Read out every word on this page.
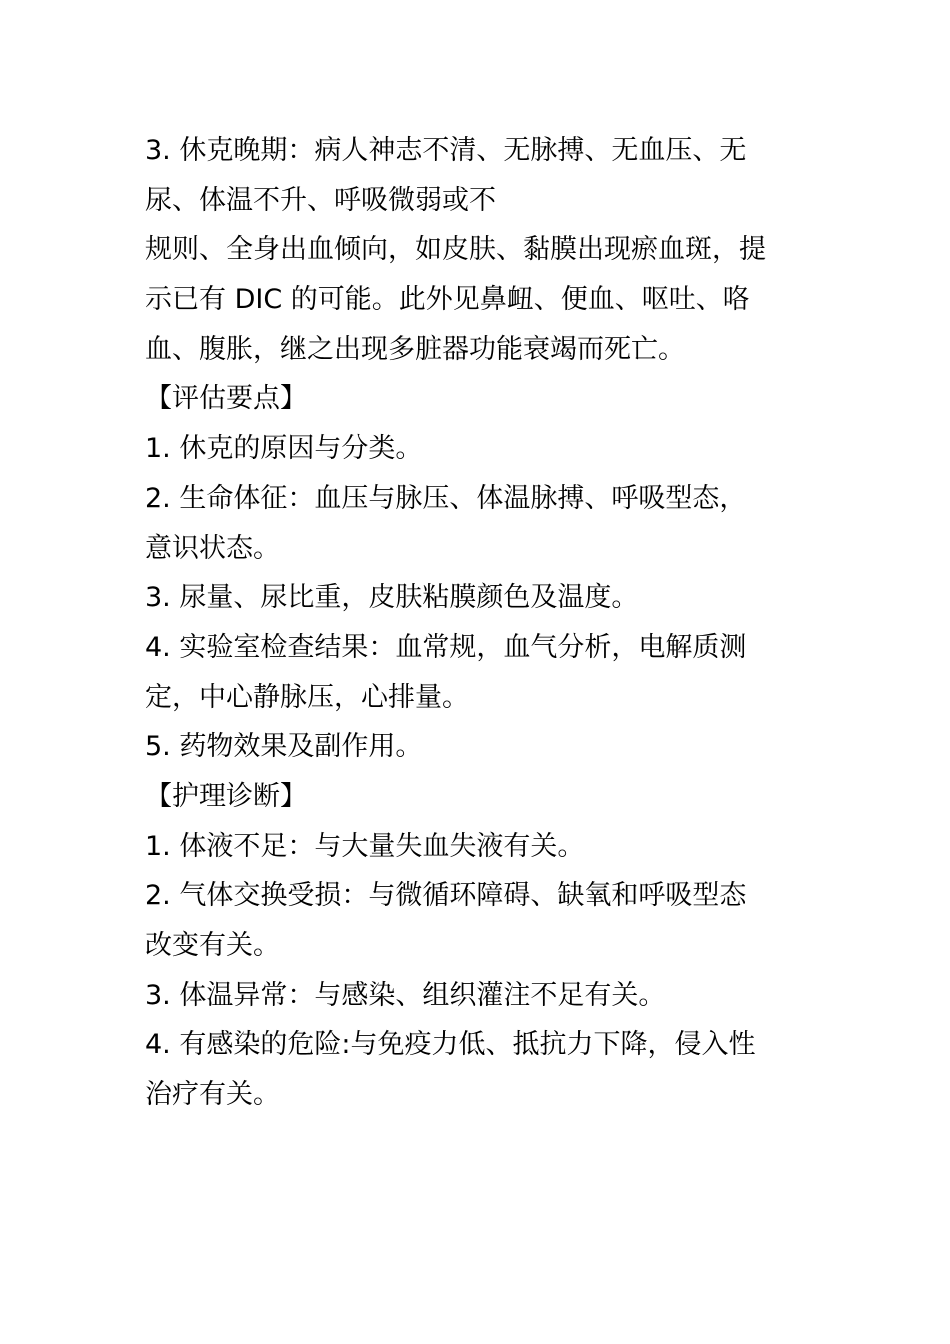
3. 休克晚期：病人神志不清、无脉搏、无血压、无
尿、体温不升、呼吸微弱或不
规则、全身出血倾向，如皮肤、黏膜出现瘀血斑，提
示已有 DIC 的可能。此外见鼻衄、便血、呕吐、咯
血、腹胀，继之出现多脏器功能衰竭而死亡。
【评估要点】
1. 休克的原因与分类。
2. 生命体征：血压与脉压、体温脉搏、呼吸型态，
意识状态。
3. 尿量、尿比重，皮肤粘膜颜色及温度。
4. 实验室检查结果：血常规，血气分析，电解质测
定，中心静脉压，心排量。
5. 药物效果及副作用。
【护理诊断】
1. 体液不足：与大量失血失液有关。
2. 气体交换受损：与微循环障碍、缺氧和呼吸型态
改变有关。
3. 体温异常：与感染、组织灌注不足有关。
4. 有感染的危险:与免疫力低、抵抗力下降，侵入性
治疗有关。
